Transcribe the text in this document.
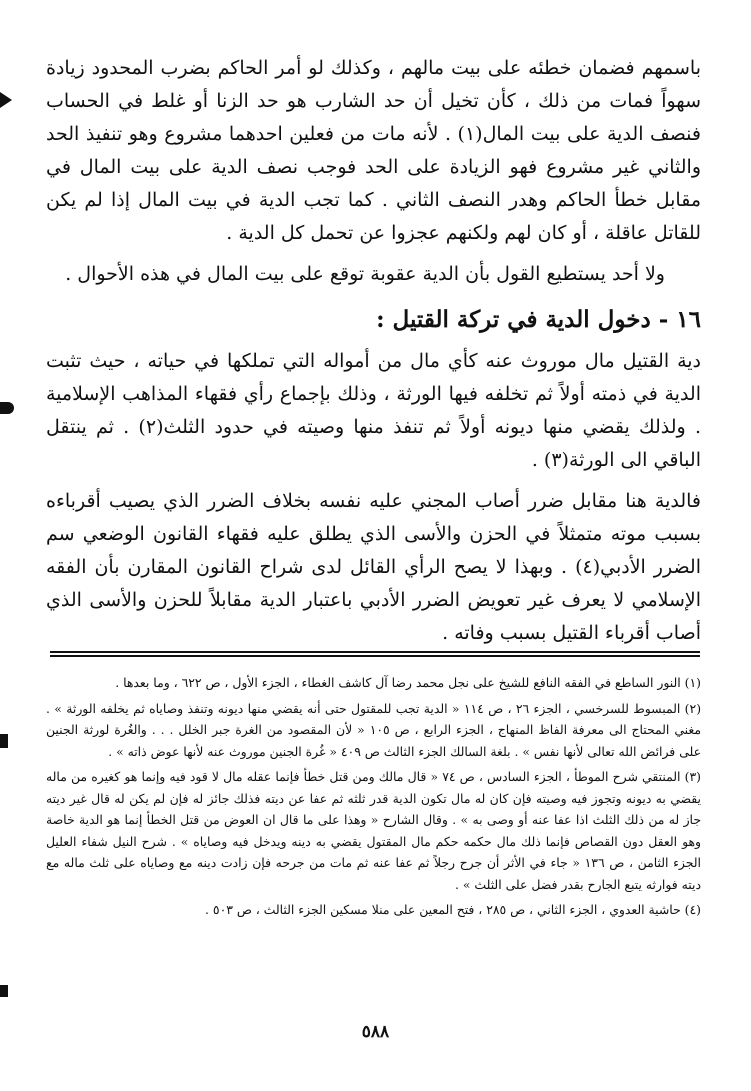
باسمهم فضمان خطئه على بيت مالهم ، وكذلك لو أمر الحاكم بضرب المحدود زيادة سهواً فمات من ذلك ، كأن تخيل أن حد الشارب هو حد الزنا أو غلط في الحساب فنصف الدية على بيت المال(١) . لأنه مات من فعلين احدهما مشروع وهو تنفيذ الحد والثاني غير مشروع فهو الزيادة على الحد فوجب نصف الدية على بيت المال في مقابل خطأ الحاكم وهدر النصف الثاني . كما تجب الدية في بيت المال إذا لم يكن للقاتل عاقلة ، أو كان لهم ولكنهم عجزوا عن تحمل كل الدية .

ولا أحد يستطيع القول بأن الدية عقوبة توقع على بيت المال في هذه الأحوال .

١٦ - دخول الدية في تركة القتيل :

دية القتيل مال موروث عنه كأي مال من أمواله التي تملكها في حياته ، حيث تثبت الدية في ذمته أولاً ثم تخلفه فيها الورثة ، وذلك بإجماع رأي فقهاء المذاهب الإسلامية . ولذلك يقضي منها ديونه أولاً ثم تنفذ منها وصيته في حدود الثلث(٢) . ثم ينتقل الباقي الى الورثة(٣) .

فالدية هنا مقابل ضرر أصاب المجني عليه نفسه بخلاف الضرر الذي يصيب أقرباءه بسبب موته متمثلاً في الحزن والأسى الذي يطلق عليه فقهاء القانون الوضعي سم الضرر الأدبي(٤) . وبهذا لا يصح الرأي القائل لدى شراح القانون المقارن بأن الفقه الإسلامي لا يعرف غير تعويض الضرر الأدبي باعتبار الدية مقابلاً للحزن والأسى الذي أصاب أقرباء القتيل بسبب وفاته .

(١) النور الساطع في الفقه النافع للشيخ على نجل محمد رضا آل كاشف الغطاء ، الجزء الأول ، ص ٦٢٢ ، وما بعدها .

(٢) المبسوط للسرخسي ، الجزء ٢٦ ، ص ١١٤ « الدية تجب للمقتول حتى أنه يقضي منها ديونه وتنفذ وصاياه ثم يخلفه الورثة » . مغني المحتاج الى معرفة الفاظ المنهاج ، الجزء الرابع ، ص ١٠٥ « لأن المقصود من الغرة جبر الخلل . . . والغُرة لورثة الجنين على فرائض الله تعالى لأنها نفس » . بلغة السالك الجزء الثالث ص ٤٠٩ « غُرة الجنين موروث عنه لأنها عوض ذاته » .

(٣) المنتقي شرح الموطأ ، الجزء السادس ، ص ٧٤ « قال مالك ومن قتل خطأ فإنما عقله مال لا قود فيه وإنما هو كغيره من ماله يقضي به ديونه وتجوز فيه وصيته فإن كان له مال تكون الدية قدر ثلثه ثم عفا عن ديته فذلك جائز له فإن لم يكن له قال غير ديته جاز له من ذلك الثلث اذا عفا عنه أو وصى به » . وقال الشارح « وهذا على ما قال ان العوض من قتل الخطأ إنما هو الدية خاصة وهو العقل دون القصاص فإنما ذلك مال حكمه حكم مال المقتول يقضي به دينه ويدخل فيه وصاياه » . شرح النيل شفاء العليل الجزء الثامن ، ص ١٣٦ « جاء في الأثر أن جرح رجلاً ثم عفا عنه ثم مات من جرحه فإن زادت دينه مع وصاياه على ثلث ماله مع ديته فوارثه يتبع الجارح بقدر فضل على الثلث » .

(٤) حاشية العدوي ، الجزء الثاني ، ص ٢٨٥ ، فتح المعين على منلا مسكين الجزء الثالث ، ص ٥٠٣ .

٥٨٨
